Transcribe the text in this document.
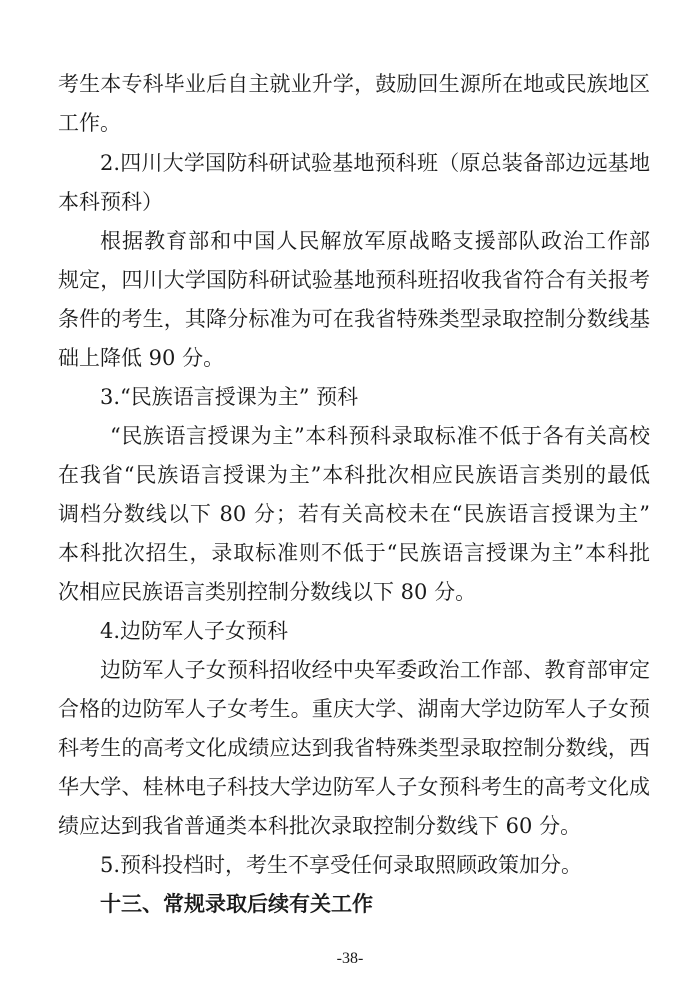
考生本专科毕业后自主就业升学，鼓励回生源所在地或民族地区
工作。
2.四川大学国防科研试验基地预科班（原总装备部边远基地
本科预科）
根据教育部和中国人民解放军原战略支援部队政治工作部
规定，四川大学国防科研试验基地预科班招收我省符合有关报考
条件的考生，其降分标准为可在我省特殊类型录取控制分数线基
础上降低 90 分。
3.“民族语言授课为主” 预科
“民族语言授课为主”本科预科录取标准不低于各有关高校
在我省“民族语言授课为主”本科批次相应民族语言类别的最低
调档分数线以下 80 分；若有关高校未在“民族语言授课为主”
本科批次招生，录取标准则不低于“民族语言授课为主”本科批
次相应民族语言类别控制分数线以下 80 分。
4.边防军人子女预科
边防军人子女预科招收经中央军委政治工作部、教育部审定
合格的边防军人子女考生。重庆大学、湖南大学边防军人子女预
科考生的高考文化成绩应达到我省特殊类型录取控制分数线，西
华大学、桂林电子科技大学边防军人子女预科考生的高考文化成
绩应达到我省普通类本科批次录取控制分数线下 60 分。
5.预科投档时，考生不享受任何录取照顾政策加分。
十三、常规录取后续有关工作
-38-
